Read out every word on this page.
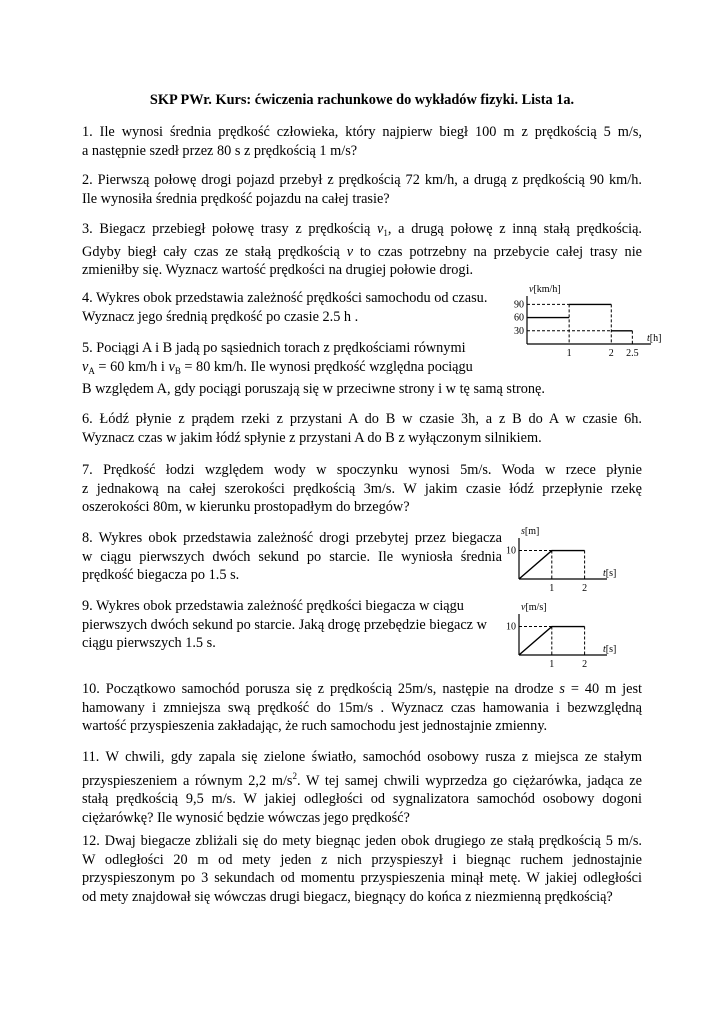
SKP PWr. Kurs: ćwiczenia rachunkowe do wykładów fizyki. Lista 1a.
1. Ile wynosi średnia prędkość człowieka, który najpierw biegł 100 m z prędkością 5 m/s,
a następnie szedł przez 80 s z prędkością 1 m/s?
2. Pierwszą połowę drogi pojazd przebył z prędkością 72 km/h, a drugą z prędkością 90 km/h.
Ile wynosiła średnia prędkość pojazdu na całej trasie?
3. Biegacz przebiegł połowę trasy z prędkością $v_1$, a drugą połowę z inną stałą prędkością.
Gdyby biegł cały czas ze stałą prędkością v to czas potrzebny na przebycie całej trasy nie
zmieniłby się. Wyznacz wartość prędkości na drugiej połowie drogi.
4. Wykres obok przedstawia zależność prędkości samochodu od czasu.
Wyznacz jego średnią prędkość po czasie 2.5 h .
5. Pociągi A i B jadą po sąsiednich torach z prędkościami równymi
$v_A = 60$ km/h i $v_B = 80$ km/h. Ile wynosi prędkość względna pociągu
B względem A, gdy pociągi poruszają się w przeciwne strony i w tę samą stronę.
v[km/h]
t[h]
30
60
90
1	2 2.5
6. Łódź płynie z prądem rzeki z przystani A do B w czasie 3h, a z B do A w czasie 6h.
Wyznacz czas w jakim łódź spłynie z przystani A do B z wyłączonym silnikiem.
7. Prędkość łodzi względem wody w spoczynku wynosi 5m/s. Woda w rzece płynie
z jednakową na całej szerokości prędkością 3m/s. W jakim czasie łódź przepłynie rzekę
oszerokości 80m, w kierunku prostopadłym do brzegów?
8. Wykres obok przedstawia zależność drogi przebytej przez biegacza
w ciągu pierwszych dwóch sekund po starcie. Ile wyniosła średnia
prędkość biegacza po 1.5 s.
s[m]
t[s]
10
1	2
9. Wykres obok przedstawia zależność prędkości biegacza w ciągu
pierwszych dwóch sekund po starcie. Jaką drogę przebędzie biegacz w
ciągu pierwszych 1.5 s.
v[m/s]
t[s]
10
1	2
10. Początkowo samochód porusza się z prędkością 25m/s, następie na drodze s = 40 m jest
hamowany i zmniejsza swą prędkość do 15m/s . Wyznacz czas hamowania i bezwzględną
wartość przyspieszenia zakładając, że ruch samochodu jest jednostajnie zmienny.
11. W chwili, gdy zapala się zielone światło, samochód osobowy rusza z miejsca ze stałym
przyspieszeniem a równym 2,2 $m/s^2$. W tej samej chwili wyprzedza go ciężarówka, jadąca ze
stałą prędkością 9,5 m/s. W jakiej odległości od sygnalizatora samochód osobowy dogoni
ciężarówkę? Ile wynosić będzie wówczas jego prędkość?
12. Dwaj biegacze zbliżali się do mety biegnąc jeden obok drugiego ze stałą prędkością 5 m/s.
W odległości 20 m od mety jeden z nich przyspieszył i biegnąc ruchem jednostajnie
przyspieszonym po 3 sekundach od momentu przyspieszenia minął metę. W jakiej odległości
od mety znajdował się wówczas drugi biegacz, biegnący do końca z niezmienną prędkością?
